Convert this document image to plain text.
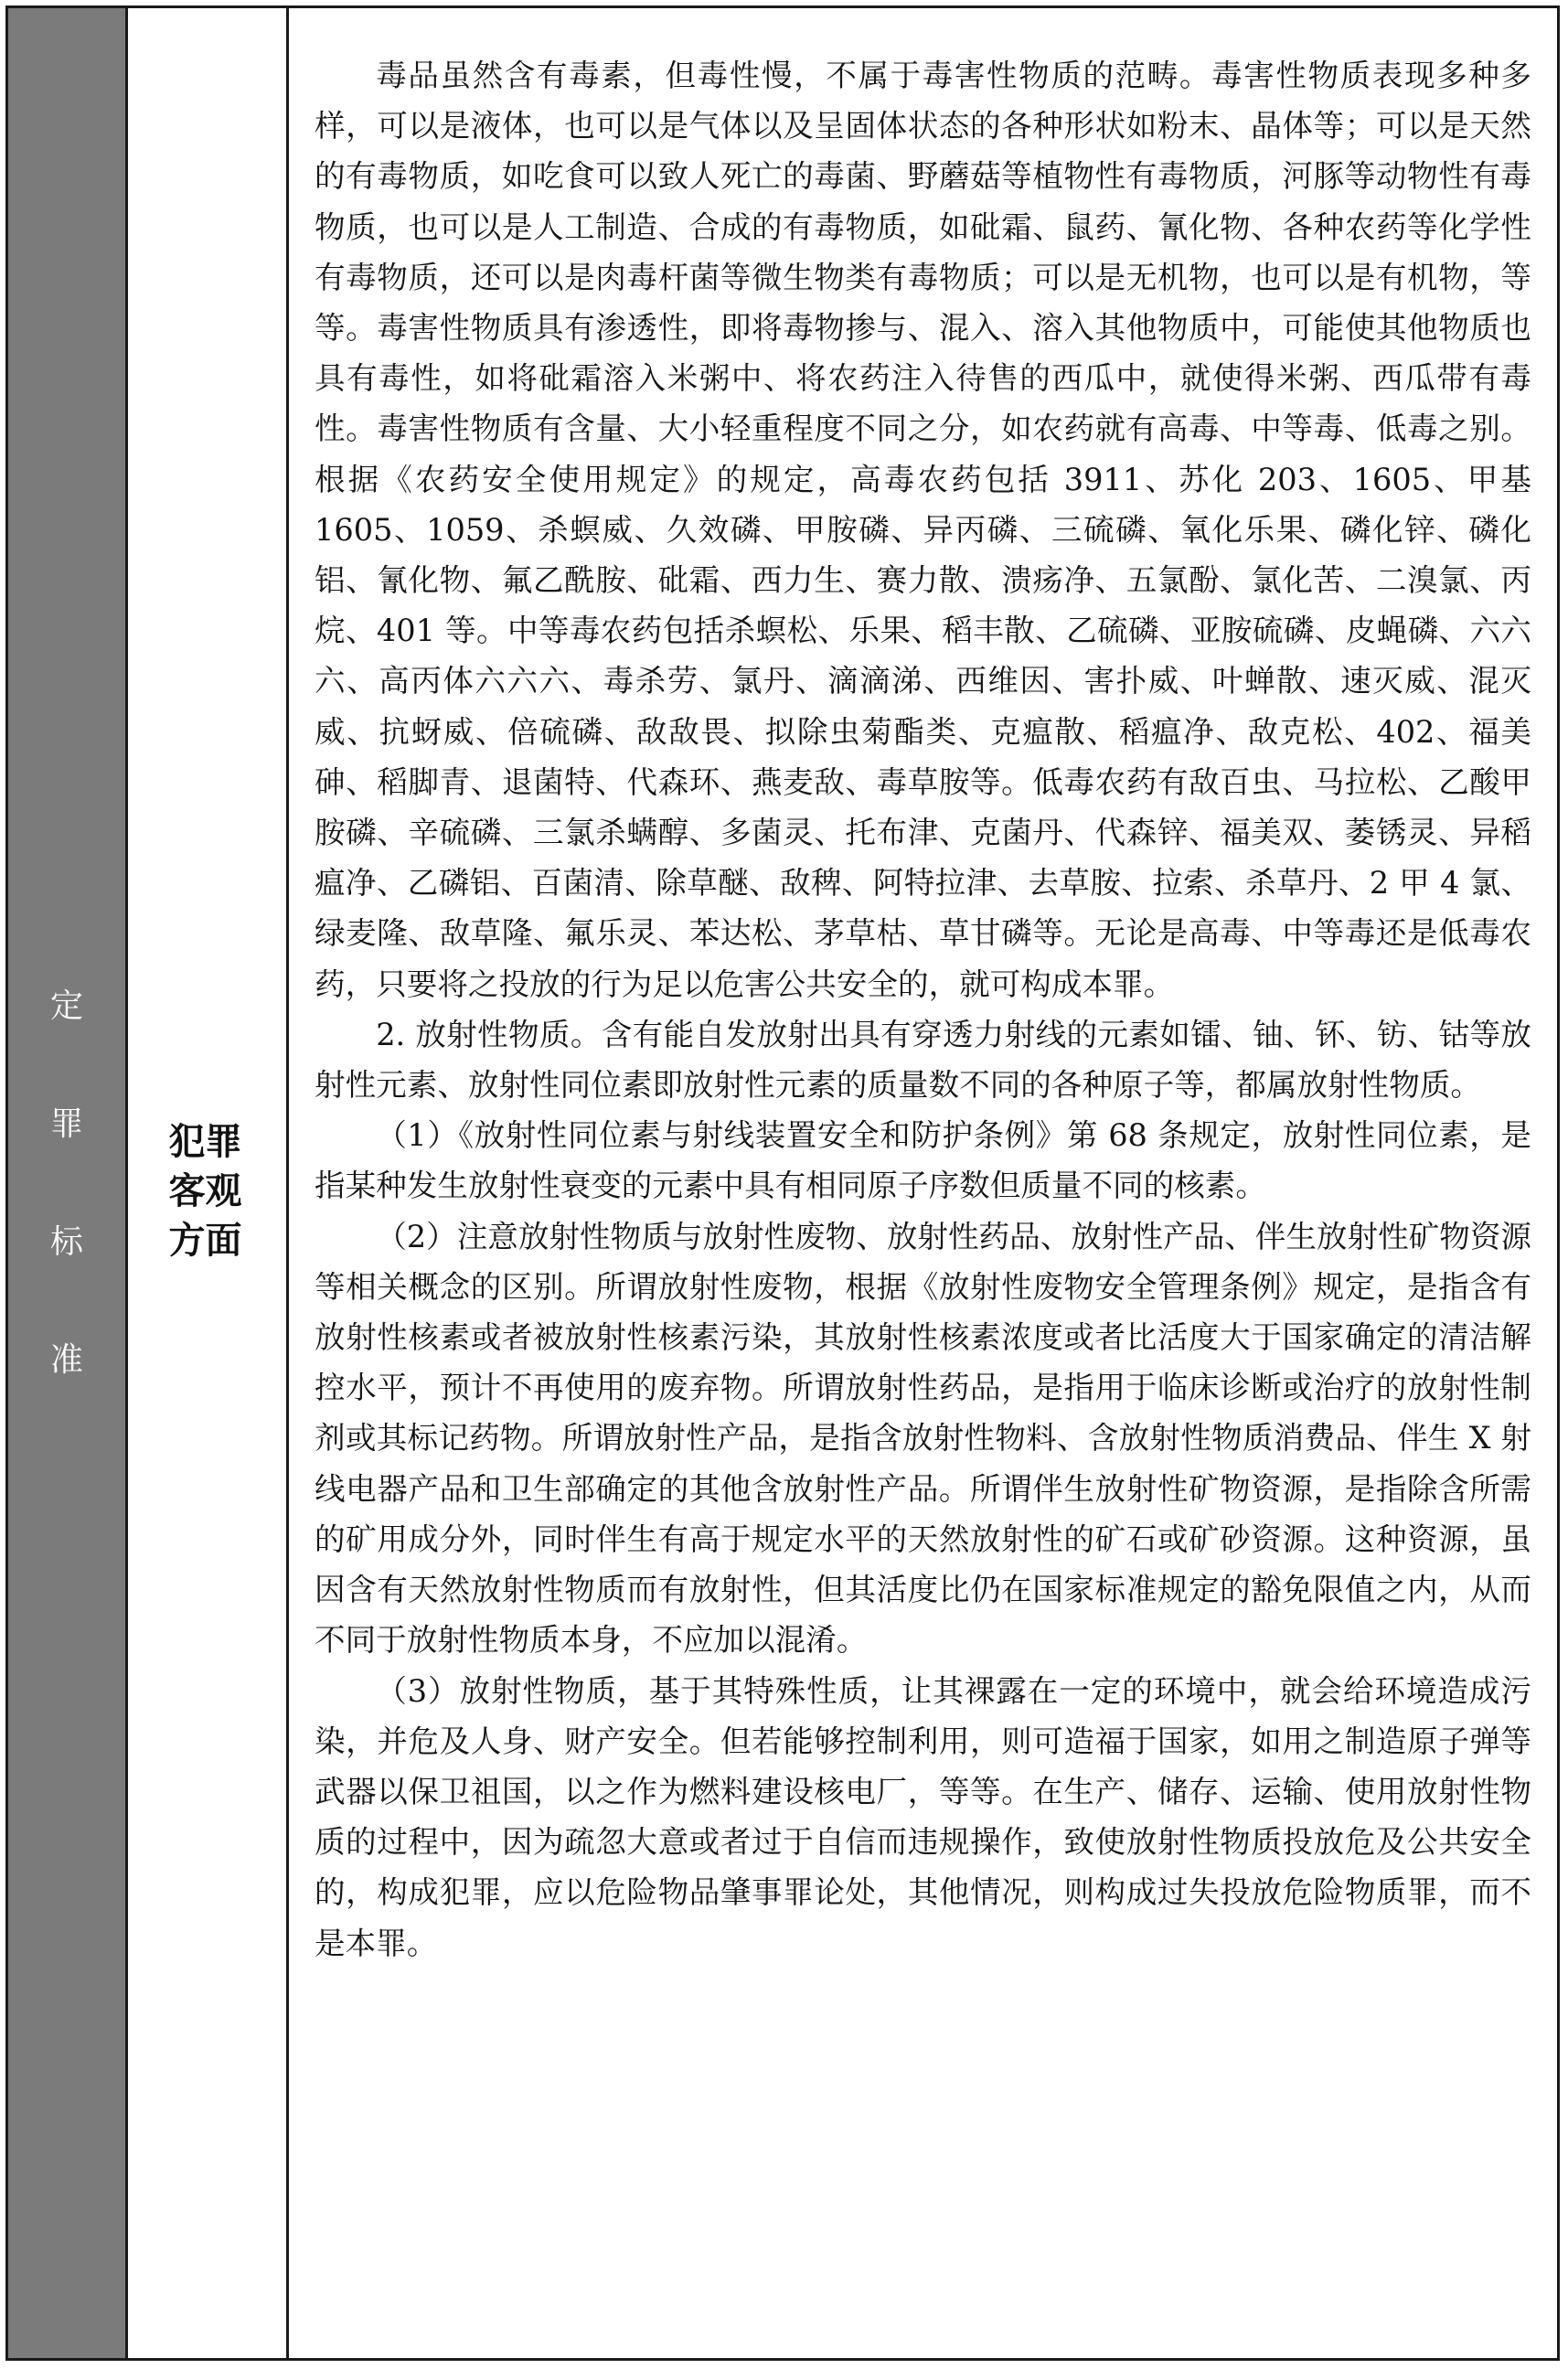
定罪标准
犯罪客观方面

毒品虽然含有毒素，但毒性慢，不属于毒害性物质的范畴。毒害性物质表现多种多样，可以是液体，也可以是气体以及呈固体状态的各种形状如粉末、晶体等；可以是天然的有毒物质，如吃食可以致人死亡的毒菌、野蘑菇等植物性有毒物质，河豚等动物性有毒物质，也可以是人工制造、合成的有毒物质，如砒霜、鼠药、氰化物、各种农药等化学性有毒物质，还可以是肉毒杆菌等微生物类有毒物质；可以是无机物，也可以是有机物，等等。毒害性物质具有渗透性，即将毒物掺与、混入、溶入其他物质中，可能使其他物质也具有毒性，如将砒霜溶入米粥中、将农药注入待售的西瓜中，就使得米粥、西瓜带有毒性。毒害性物质有含量、大小轻重程度不同之分，如农药就有高毒、中等毒、低毒之别。根据《农药安全使用规定》的规定，高毒农药包括 3911、苏化 203、1605、甲基 1605、1059、杀螟威、久效磷、甲胺磷、异丙磷、三硫磷、氧化乐果、磷化锌、磷化铝、氰化物、氟乙酰胺、砒霜、西力生、赛力散、溃疡净、五氯酚、氯化苦、二溴氯、丙烷、401 等。中等毒农药包括杀螟松、乐果、稻丰散、乙硫磷、亚胺硫磷、皮蝇磷、六六六、高丙体六六六、毒杀劳、氯丹、滴滴涕、西维因、害扑威、叶蝉散、速灭威、混灭威、抗蚜威、倍硫磷、敌敌畏、拟除虫菊酯类、克瘟散、稻瘟净、敌克松、402、福美砷、稻脚青、退菌特、代森环、燕麦敌、毒草胺等。低毒农药有敌百虫、马拉松、乙酸甲胺磷、辛硫磷、三氯杀螨醇、多菌灵、托布津、克菌丹、代森锌、福美双、萎锈灵、异稻瘟净、乙磷铝、百菌清、除草醚、敌稗、阿特拉津、去草胺、拉索、杀草丹、2 甲 4 氯、绿麦隆、敌草隆、氟乐灵、苯达松、茅草枯、草甘磷等。无论是高毒、中等毒还是低毒农药，只要将之投放的行为足以危害公共安全的，就可构成本罪。

2. 放射性物质。含有能自发放射出具有穿透力射线的元素如镭、铀、钚、钫、钴等放射性元素、放射性同位素即放射性元素的质量数不同的各种原子等，都属放射性物质。

（1）《放射性同位素与射线装置安全和防护条例》第 68 条规定，放射性同位素，是指某种发生放射性衰变的元素中具有相同原子序数但质量不同的核素。

（2）注意放射性物质与放射性废物、放射性药品、放射性产品、伴生放射性矿物资源等相关概念的区别。所谓放射性废物，根据《放射性废物安全管理条例》规定，是指含有放射性核素或者被放射性核素污染，其放射性核素浓度或者比活度大于国家确定的清洁解控水平，预计不再使用的废弃物。所谓放射性药品，是指用于临床诊断或治疗的放射性制剂或其标记药物。所谓放射性产品，是指含放射性物料、含放射性物质消费品、伴生 X 射线电器产品和卫生部确定的其他含放射性产品。所谓伴生放射性矿物资源，是指除含所需的矿用成分外，同时伴生有高于规定水平的天然放射性的矿石或矿砂资源。这种资源，虽因含有天然放射性物质而有放射性，但其活度比仍在国家标准规定的豁免限值之内，从而不同于放射性物质本身，不应加以混淆。

（3）放射性物质，基于其特殊性质，让其裸露在一定的环境中，就会给环境造成污染，并危及人身、财产安全。但若能够控制利用，则可造福于国家，如用之制造原子弹等武器以保卫祖国，以之作为燃料建设核电厂，等等。在生产、储存、运输、使用放射性物质的过程中，因为疏忽大意或者过于自信而违规操作，致使放射性物质投放危及公共安全的，构成犯罪，应以危险物品肇事罪论处，其他情况，则构成过失投放危险物质罪，而不是本罪。
